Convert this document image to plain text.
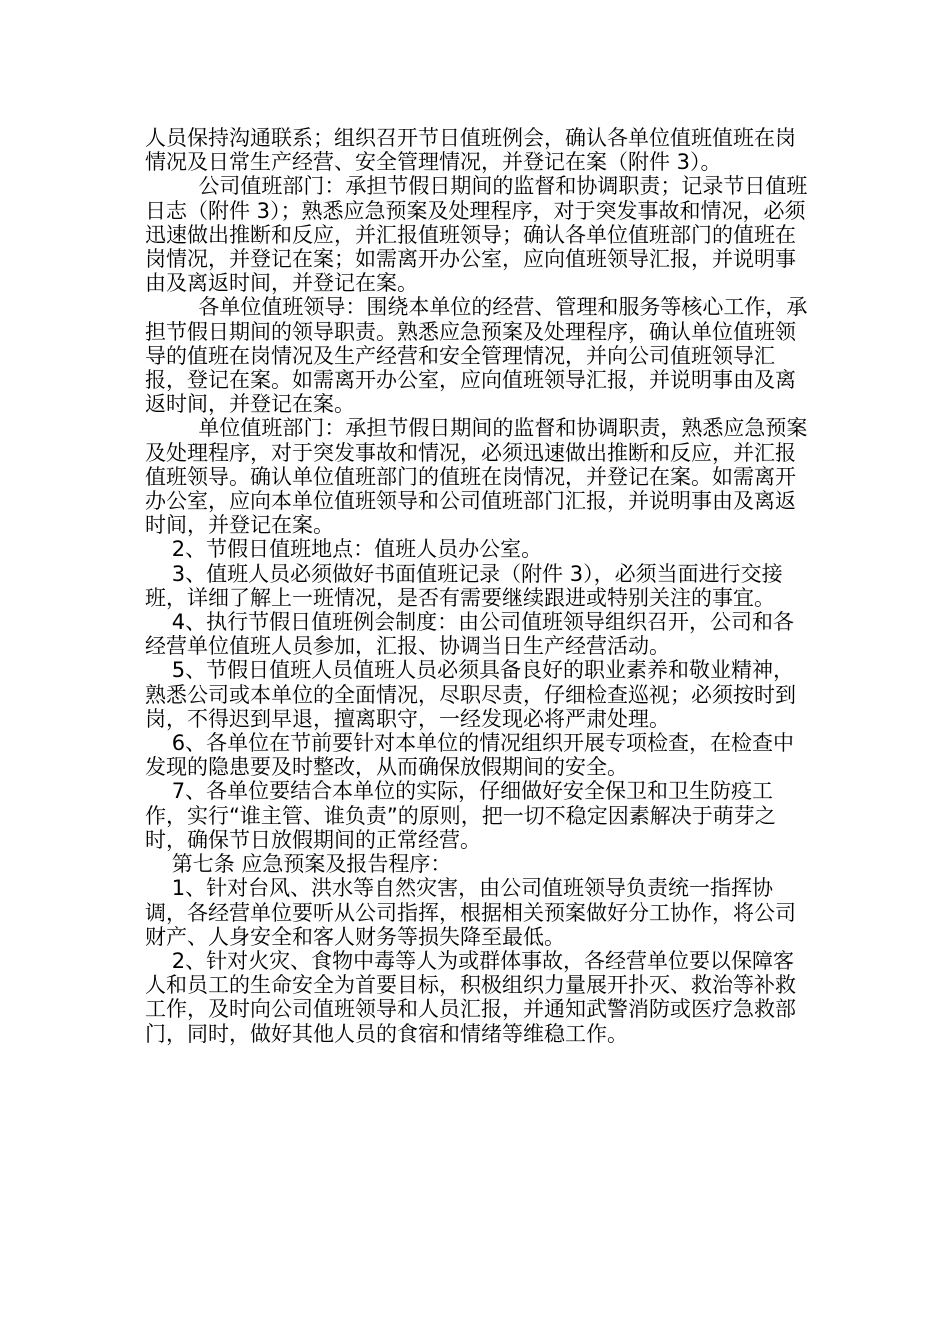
人员保持沟通联系；组织召开节日值班例会，确认各单位值班值班在岗情况及日常生产经营、安全管理情况，并登记在案（附件 3）。

公司值班部门：承担节假日期间的监督和协调职责；记录节日值班日志（附件 3）；熟悉应急预案及处理程序，对于突发事故和情况，必须迅速做出推断和反应，并汇报值班领导；确认各单位值班部门的值班在岗情况，并登记在案；如需离开办公室，应向值班领导汇报，并说明事由及离返时间，并登记在案。

各单位值班领导：围绕本单位的经营、管理和服务等核心工作，承担节假日期间的领导职责。熟悉应急预案及处理程序，确认单位值班领导的值班在岗情况及生产经营和安全管理情况，并向公司值班领导汇报，登记在案。如需离开办公室，应向值班领导汇报，并说明事由及离返时间，并登记在案。

单位值班部门：承担节假日期间的监督和协调职责，熟悉应急预案及处理程序，对于突发事故和情况，必须迅速做出推断和反应，并汇报值班领导。确认单位值班部门的值班在岗情况，并登记在案。如需离开办公室，应向本单位值班领导和公司值班部门汇报，并说明事由及离返时间，并登记在案。

2、节假日值班地点：值班人员办公室。

3、值班人员必须做好书面值班记录（附件 3），必须当面进行交接班，详细了解上一班情况，是否有需要继续跟进或特别关注的事宜。

4、执行节假日值班例会制度：由公司值班领导组织召开，公司和各经营单位值班人员参加，汇报、协调当日生产经营活动。

5、节假日值班人员值班人员必须具备良好的职业素养和敬业精神，熟悉公司或本单位的全面情况，尽职尽责，仔细检查巡视；必须按时到岗，不得迟到早退，擅离职守，一经发现必将严肃处理。

6、各单位在节前要针对本单位的情况组织开展专项检查，在检查中发现的隐患要及时整改，从而确保放假期间的安全。

7、各单位要结合本单位的实际，仔细做好安全保卫和卫生防疫工作，实行“谁主管、谁负责”的原则，把一切不稳定因素解决于萌芽之时，确保节日放假期间的正常经营。

第七条 应急预案及报告程序：

1、针对台风、洪水等自然灾害，由公司值班领导负责统一指挥协调，各经营单位要听从公司指挥，根据相关预案做好分工协作，将公司财产、人身安全和客人财务等损失降至最低。

2、针对火灾、食物中毒等人为或群体事故，各经营单位要以保障客人和员工的生命安全为首要目标，积极组织力量展开扑灭、救治等补救工作，及时向公司值班领导和人员汇报，并通知武警消防或医疗急救部门，同时，做好其他人员的食宿和情绪等维稳工作。
